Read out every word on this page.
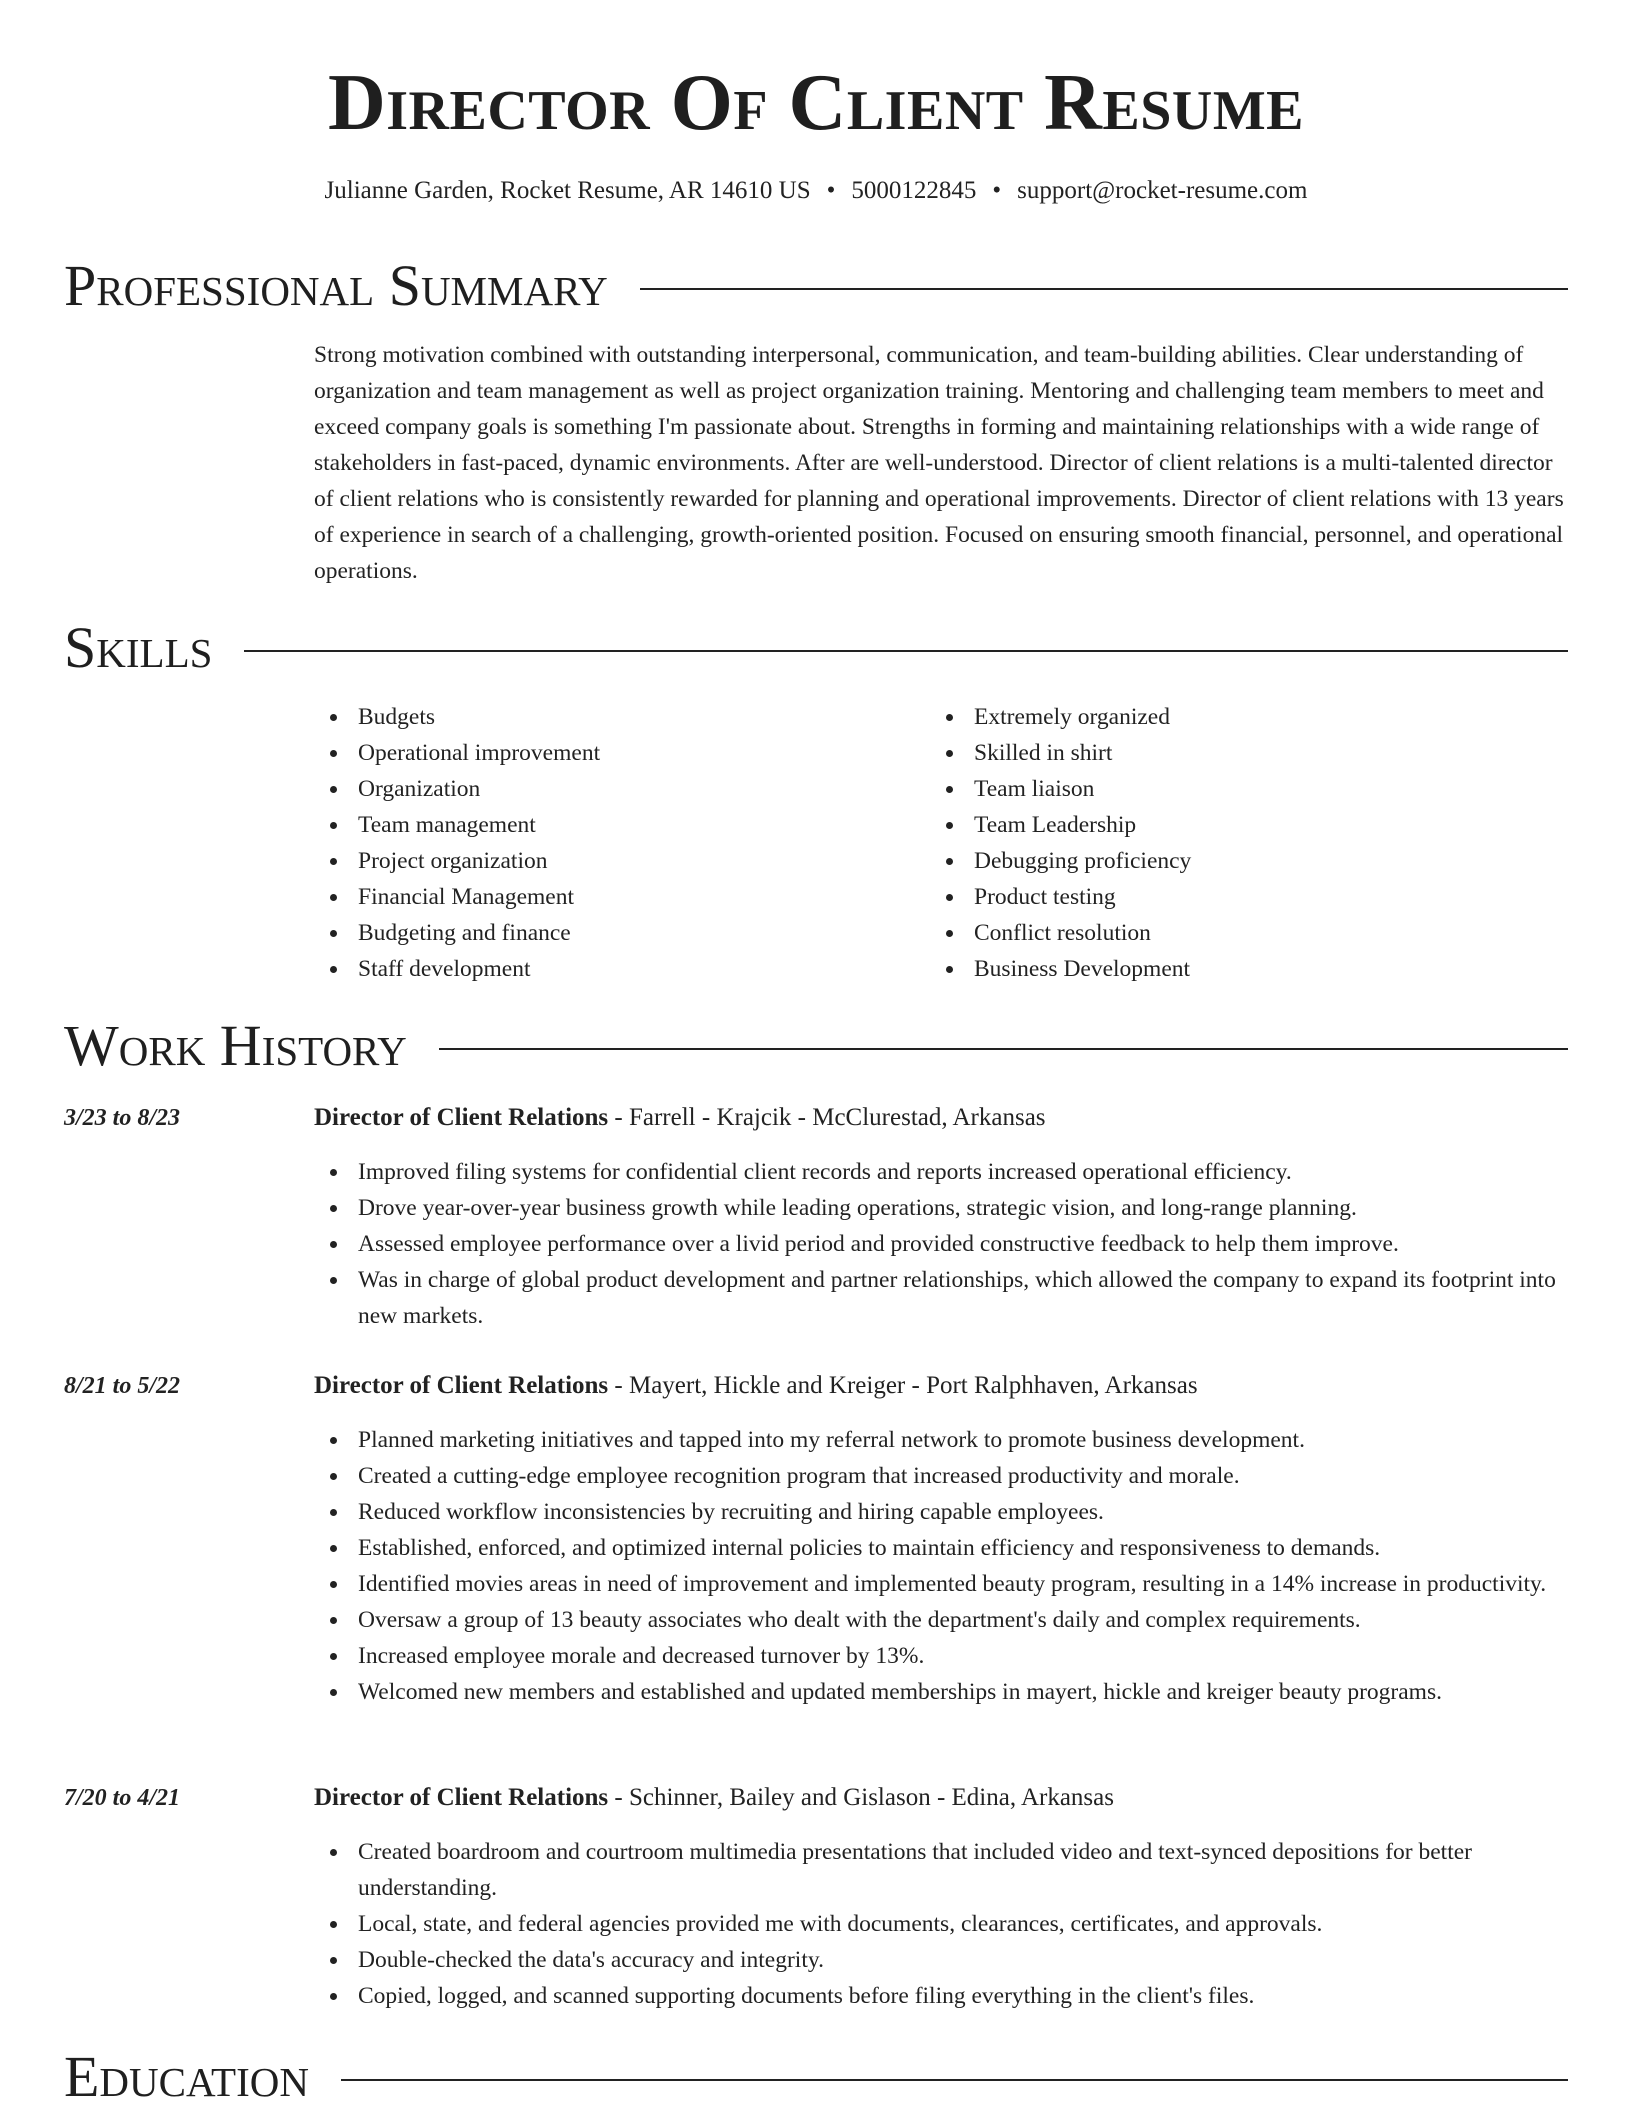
Director Of Client Resume
Julianne Garden, Rocket Resume, AR 14610 US • 5000122845 • support@rocket-resume.com
Professional Summary

Strong motivation combined with outstanding interpersonal, communication, and team-building abilities. Clear understanding of organization and team management as well as project organization training. Mentoring and challenging team members to meet and exceed company goals is something I'm passionate about. Strengths in forming and maintaining relationships with a wide range of stakeholders in fast-paced, dynamic environments. After are well-understood. Director of client relations is a multi-talented director of client relations who is consistently rewarded for planning and operational improvements. Director of client relations with 13 years of experience in search of a challenging, growth-oriented position. Focused on ensuring smooth financial, personnel, and operational operations.

Skills
Budgets
Operational improvement
Organization
Team management
Project organization
Financial Management
Budgeting and finance
Staff development
Extremely organized
Skilled in shirt
Team liaison
Team Leadership
Debugging proficiency
Product testing
Conflict resolution
Business Development
Work History
3/23 to 8/23	Director of Client Relations - Farrell - Krajcik - McClurestad, Arkansas
Improved filing systems for confidential client records and reports increased operational efficiency.
Drove year-over-year business growth while leading operations, strategic vision, and long-range planning.
Assessed employee performance over a livid period and provided constructive feedback to help them improve.
Was in charge of global product development and partner relationships, which allowed the company to expand its footprint into new markets.
8/21 to 5/22	Director of Client Relations - Mayert, Hickle and Kreiger - Port Ralphhaven, Arkansas
Planned marketing initiatives and tapped into my referral network to promote business development.
Created a cutting-edge employee recognition program that increased productivity and morale.
Reduced workflow inconsistencies by recruiting and hiring capable employees.
Established, enforced, and optimized internal policies to maintain efficiency and responsiveness to demands.
Identified movies areas in need of improvement and implemented beauty program, resulting in a 14% increase in productivity.
Oversaw a group of 13 beauty associates who dealt with the department's daily and complex requirements.
Increased employee morale and decreased turnover by 13%.
Welcomed new members and established and updated memberships in mayert, hickle and kreiger beauty programs.
7/20 to 4/21	Director of Client Relations - Schinner, Bailey and Gislason - Edina, Arkansas
Created boardroom and courtroom multimedia presentations that included video and text-synced depositions for better understanding.
Local, state, and federal agencies provided me with documents, clearances, certificates, and approvals.
Double-checked the data's accuracy and integrity.
Copied, logged, and scanned supporting documents before filing everything in the client's files.
Education
